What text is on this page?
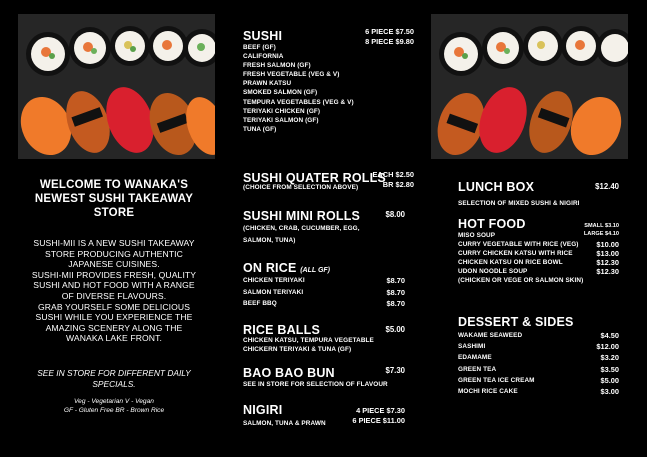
WELCOME TO WANAKA'S
NEWEST SUSHI TAKEAWAY
STORE
SUSHI-MII IS A NEW SUSHI TAKEAWAY
STORE PRODUCING AUTHENTIC
JAPANESE CUISINES.
SUSHI-MII PROVIDES FRESH, QUALITY
SUSHI AND HOT FOOD WITH A RANGE
OF DIVERSE FLAVOURS.
GRAB YOURSELF SOME DELICIOUS
SUSHI WHILE YOU EXPERIENCE THE
AMAZING SCENERY ALONG THE
WANAKA LAKE FRONT.
SEE IN STORE FOR DIFFERENT DAILY
SPECIALS.
Veg - Vegetarian V - Vegan
GF - Gluten Free BR - Brown Rice
SUSHI	6 PIECE $7.50
8 PIECE $9.80
BEEF (GF)
CALIFORNIA
FRESH SALMON (GF)
FRESH VEGETABLE (VEG & V)
PRAWN KATSU
SMOKED SALMON (GF)
TEMPURA VEGETABLES (VEG & V)
TERIYAKI CHICKEN (GF)
TERIYAKI SALMON (GF)
TUNA (GF)
SUSHI QUATER ROLLS
(CHOICE FROM SELECTION ABOVE)
EACH $2.50
BR $2.80
SUSHI MINI ROLLS	$8.00
(CHICKEN, CRAB, CUCUMBER, EGG,
SALMON, TUNA)
ON RICE (ALL GF)
CHICKEN TERIYAKI	$8.70
SALMON TERIYAKI	$8.70
BEEF BBQ	$8.70
RICE BALLS	$5.00
CHICKEN KATSU, TEMPURA VEGETABLE
CHICKERN TERIYAKI & TUNA (GF)
BAO BAO BUN	$7.30
SEE IN STORE FOR SELECTION OF FLAVOUR
NIGIRI
SALMON, TUNA & PRAWN
4 PIECE $7.30
6 PIECE $11.00
LUNCH BOX	$12.40
SELECTION OF MIXED SUSHI & NIGIRI
HOT FOOD	SMALL $3.10
LARGE $4.10
MISO SOUP
CURRY VEGETABLE WITH RICE (VEG) $10.00
CURRY CHICKEN KATSU WITH RICE	$13.00
CHICKEN KATSU ON RICE BOWL	$12.30
UDON NOODLE SOUP	$12.30
(CHICKEN OR VEGE OR SALMON SKIN)
DESSERT & SIDES
WAKAME SEAWEED	$4.50
SASHIMI	$12.00
EDAMAME	$3.20
GREEN TEA	$3.50
GREEN TEA ICE CREAM	$5.00
MOCHI RICE CAKE	$3.00
